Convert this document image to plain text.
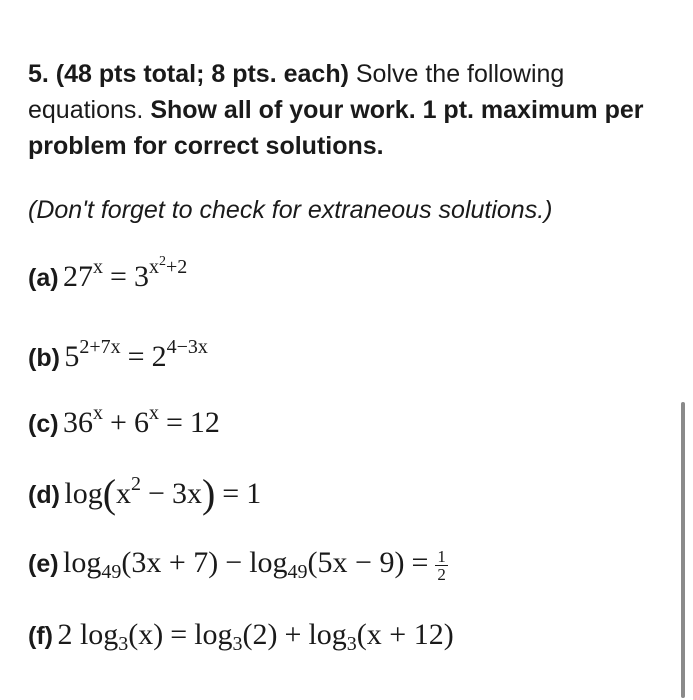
5. (48 pts total; 8 pts. each) Solve the following equations. Show all of your work. 1 pt. maximum per problem for correct solutions.

(Don't forget to check for extraneous solutions.)
(a) $27^x = 3^{x^2+2}$
(b) $5^{2+7x} = 2^{4-3x}$
(c) $36^x + 6^x = 12$
(d) $\log(x^2 - 3x) = 1$
(e) $\log_{49}(3x + 7) - \log_{49}(5x - 9) = \frac{1}{2}$
(f) 2 $\log_3(x) = \log_3(2) + \log_3(x + 12)$
